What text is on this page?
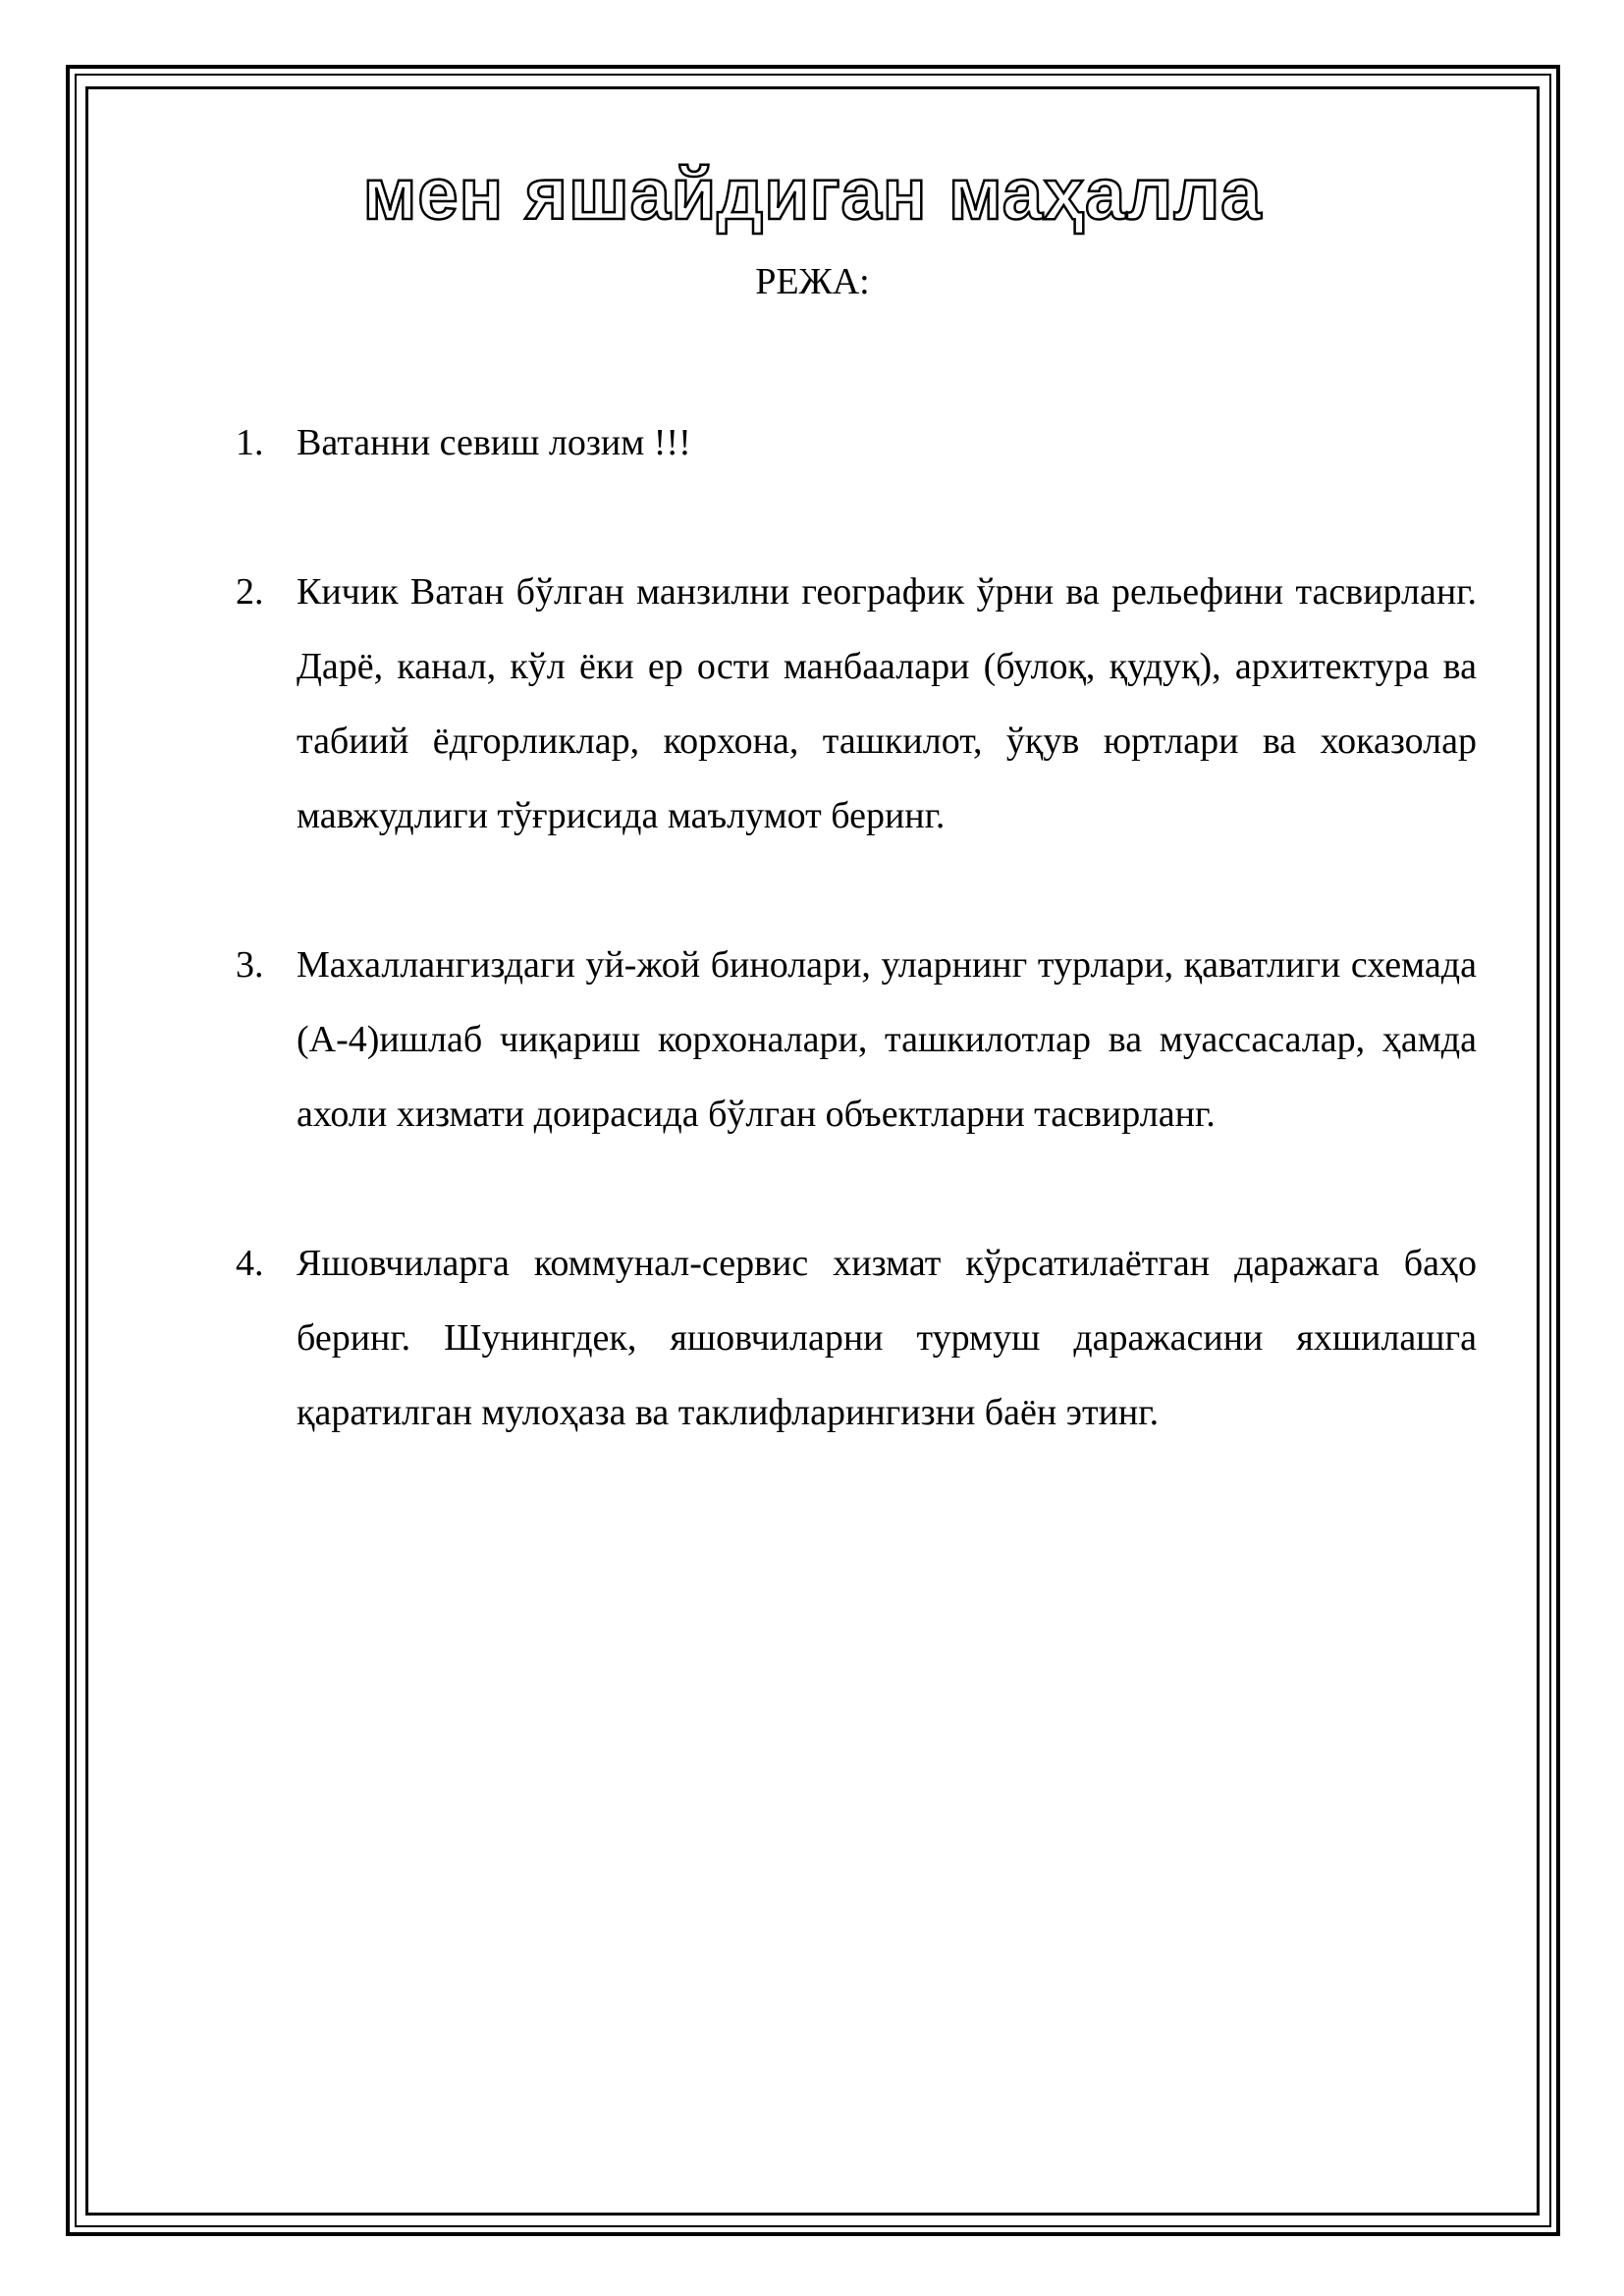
мен яшайдиган маҳалла
РЕЖА:
1. Ватанни севиш лозим !!!
2. Кичик Ватан бўлган манзилни географик ўрни ва рельефини тасвирланг. Дарё, канал, кўл ёки ер ости манбаалари (булоқ, қудуқ), архитектура ва табиий ёдгорликлар, корхона, ташкилот, ўқув юртлари ва хоказолар мавжудлиги тўғрисида маълумот беринг.
3. Махаллангиздаги уй-жой бинолари, уларнинг турлари, қаватлиги схемада (А-4)ишлаб чиқариш корхоналари, ташкилотлар ва муассасалар, ҳамда ахоли хизмати доирасида бўлган объектларни тасвирланг.
4. Яшовчиларга коммунал-сервис хизмат кўрсатилаётган даражага баҳо беринг. Шунингдек, яшовчиларни турмуш даражасини яхшилашга қаратилган мулоҳаза ва таклифларингизни баён этинг.
